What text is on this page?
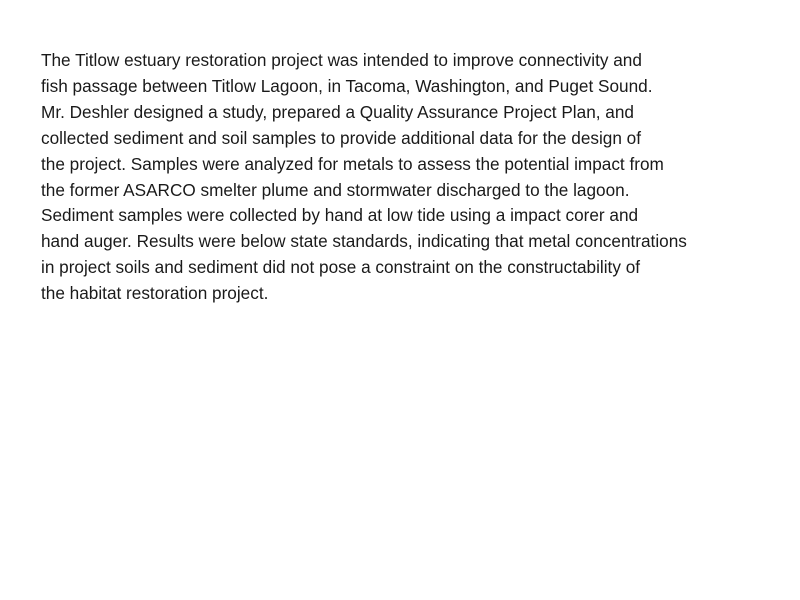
The Titlow estuary restoration project was intended to improve connectivity and
fish passage between Titlow Lagoon, in Tacoma, Washington, and Puget Sound.
Mr. Deshler designed a study, prepared a Quality Assurance Project Plan, and
collected sediment and soil samples to provide additional data for the design of
the project. Samples were analyzed for metals to assess the potential impact from
the former ASARCO smelter plume and stormwater discharged to the lagoon.
Sediment samples were collected by hand at low tide using a impact corer and
hand auger. Results were below state standards, indicating that metal concentrations
in project soils and sediment did not pose a constraint on the constructability of
the habitat restoration project.
